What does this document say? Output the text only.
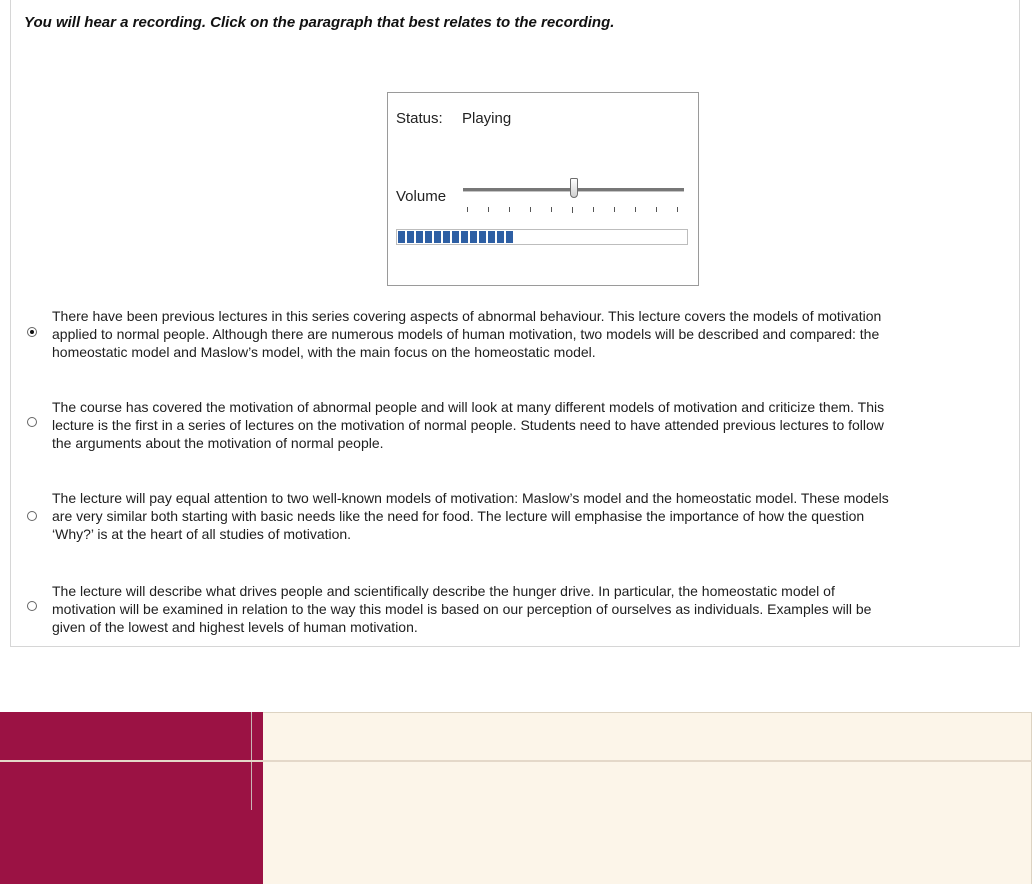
You will hear a recording. Click on the paragraph that best relates to the recording.
Status: Playing
Volume
There have been previous lectures in this series covering aspects of abnormal behaviour. This lecture covers the models of motivation
applied to normal people. Although there are numerous models of human motivation, two models will be described and compared: the
homeostatic model and Maslow’s model, with the main focus on the homeostatic model.
The course has covered the motivation of abnormal people and will look at many different models of motivation and criticize them. This
lecture is the first in a series of lectures on the motivation of normal people. Students need to have attended previous lectures to follow
the arguments about the motivation of normal people.
The lecture will pay equal attention to two well-known models of motivation: Maslow’s model and the homeostatic model. These models
are very similar both starting with basic needs like the need for food. The lecture will emphasise the importance of how the question
‘Why?’ is at the heart of all studies of motivation.
The lecture will describe what drives people and scientifically describe the hunger drive. In particular, the homeostatic model of
motivation will be examined in relation to the way this model is based on our perception of ourselves as individuals. Examples will be
given of the lowest and highest levels of human motivation.
